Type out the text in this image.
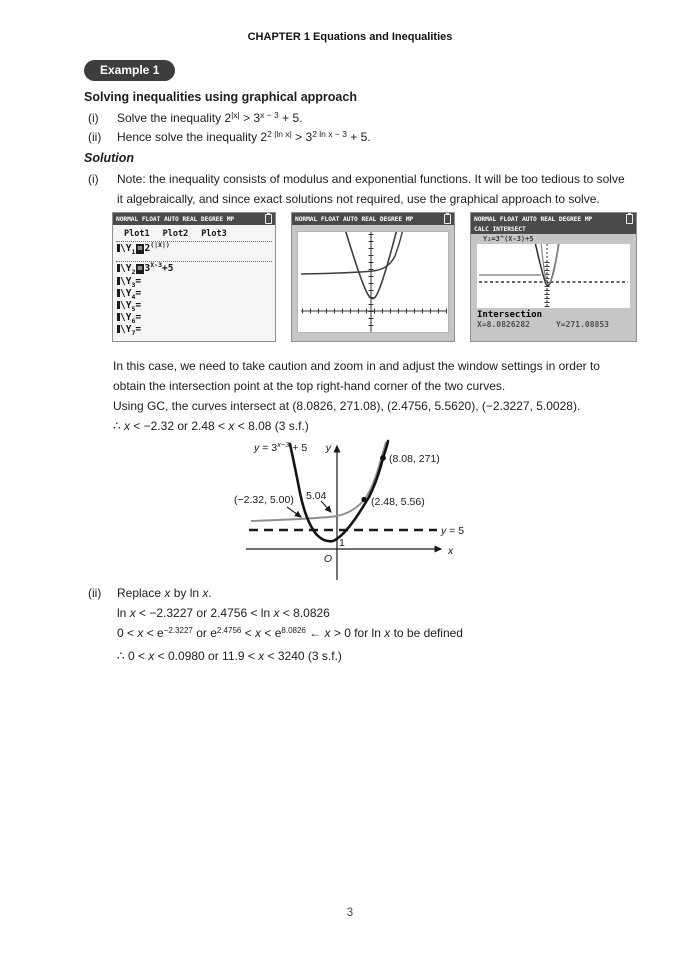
CHAPTER 1 Equations and Inequalities
Example 1
Solving inequalities using graphical approach
(i) Solve the inequality $2^{|x|} > 3^{x - 3} + 5$.
(ii) Hence solve the inequality $2^{2 |ln x|} > 3^{2 ln x - 3} + 5$.
Solution
(i) Note: the inequality consists of modulus and exponential functions. It will be too tedious to solve
it algebraically, and since exact solutions not required, use the graphical approach to solve.
NORMAL FLOAT AUTO REAL DEGREE MP
Plot1 Plot2 Plot3
$\backslash Y_1 = 2^{(|X|)}$
$\backslash Y_2 = 3^{X-3}+5$
$\backslash Y_3=$
$\backslash Y_4=$
$\backslash Y_5=$
$\backslash Y_6=$
$\backslash Y_7=$
NORMAL FLOAT AUTO REAL DEGREE MP	NORMAL FLOAT AUTO REAL DEGREE MP
CALC INTERSECT
Y₂=3^(X-3)+5
Intersection
X=8.0826282	Y=271.08853
In this case, we need to take caution and zoom in and adjust the window settings in order to
obtain the intersection point at the top right-hand corner of the two curves.
Using GC, the curves intersect at (8.0826, 271.08), (2.4756, 5.5620), (−2.3227, 5.0028).
∴ x < −2.32 or 2.48 < x < 8.08 (3 s.f.)
$y = 3^{x-3} + 5$ y
(8.08, 271)
5.04
(−2.32, 5.00)	(2.48, 5.56)
y = 5
x
O
1
(ii) Replace x by ln x.
ln x < −2.3227 or 2.4756 < ln x < 8.0826
$0 < x < e^{-2.3227}$ or $e^{2.4756} < x < e^{8.0826}$ ← x > 0 for ln x to be defined
∴ 0 < x < 0.0980 or 11.9 < x < 3240 (3 s.f.)
3
